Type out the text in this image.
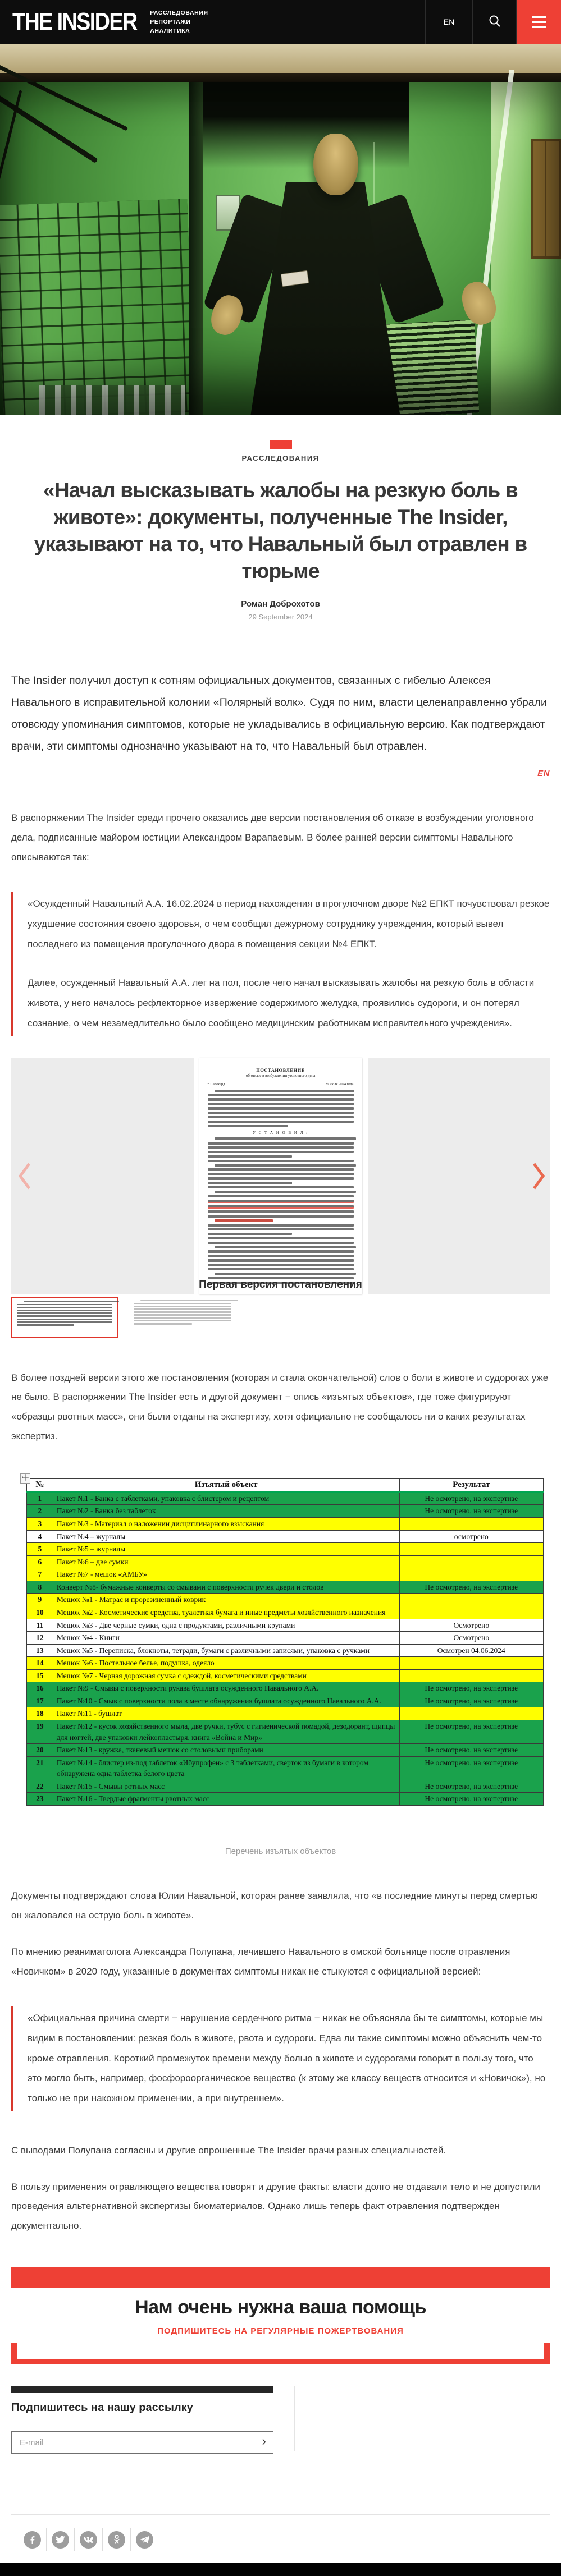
THE INSIDER РАССЛЕДОВАНИЯ
РЕПОРТАЖИ
АНАЛИТИКА
EN
РАССЛЕДОВАНИЯ
«Начал высказывать жалобы на резкую боль в животе»: документы, полученные The Insider, указывают на то, что Навальный был отравлен в тюрьме
Роман Доброхотов
29 September 2024

The Insider получил доступ к сотням официальных документов, связанных с гибелью Алексея Навального в исправительной колонии «Полярный волк». Судя по ним, власти целенаправленно убрали отовсюду упоминания симптомов, которые не укладывались в официальную версию. Как подтверждают врачи, эти симптомы однозначно указывают на то, что Навальный был отравлен.

EN

В распоряжении The Insider среди прочего оказались две версии постановления об отказе в возбуждении уголовного дела, подписанные майором юстиции Александром Варапаевым. В более ранней версии симптомы Навального описываются так:

«Осужденный Навальный А.А. 16.02.2024 в период нахождения в прогулочном дворе №2 ЕПКТ почувствовал резкое ухудшение состояния своего здоровья, о чем сообщил дежурному сотруднику учреждения, который вывел последнего из помещения прогулочного двора в помещения секции №4 ЕПКТ.

Далее, осужденный Навальный А.А. лег на пол, после чего начал высказывать жалобы на резкую боль в области живота, у него началось рефлекторное извержение содержимого желудка, проявились судороги, и он потерял сознание, о чем незамедлительно было сообщено медицинским работникам исправительного учреждения».

ПОСТАНОВЛЕНИЕ
об отказе в возбуждении уголовного дела
г. Салехард	26 июля 2024 года
У С Т А Н О В И Л :
Первая версия постановления

В более поздней версии этого же постановления (которая и стала окончательной) слов о боли в животе и судорогах уже не было. В распоряжении The Insider есть и другой документ − опись «изъятых объектов», где тоже фигурируют «образцы рвотных масс», они были отданы на экспертизу, хотя официально не сообщалось ни о каких результатах экспертиз.

№	Изъятый объект	Результат
1	Пакет №1 - Банка с таблетками, упаковка с блистером и рецептом	Не осмотрено, на экспертизе
2	Пакет №2 - Банка без таблеток	Не осмотрено, на экспертизе
3	Пакет №3 - Материал о наложении дисциплинарного взыскания	
4	Пакет №4 – журналы	осмотрено
5	Пакет №5 – журналы	
6	Пакет №6 – две сумки	
7	Пакет №7 - мешок «АМБУ»	
8	Конверт №8- бумажные конверты со смывами с поверхности ручек двери и столов	Не осмотрено, на экспертизе
9	Мешок №1 - Матрас и прорезиненный коврик	
10	Мешок №2 - Косметические средства, туалетная бумага и иные предметы хозяйственного назначения	
11	Мешок №3 - Две черные сумки, одна с продуктами, различными крупами	Осмотрено
12	Мешок №4 - Книги	Осмотрено
13	Мешок №5 - Переписка, блокноты, тетради, бумаги с различными записями, упаковка с ручками	Осмотрен 04.06.2024
14	Мешок №6 - Постельное белье, подушка, одеяло	
15	Мешок №7 - Черная дорожная сумка с одеждой, косметическими средствами	
16	Пакет №9 - Смывы с поверхности рукава бушлата осужденного Навального А.А.	Не осмотрено, на экспертизе
17	Пакет №10 - Смыв с поверхности пола в месте обнаружения бушлата осужденного Навального А.А.	Не осмотрено, на экспертизе
18	Пакет №11 - бушлат	
19	Пакет №12 - кусок хозяйственного мыла, две ручки, тубус с гигиенической помадой, дезодорант, щипцы для ногтей, две упаковки лейкопластыря, книга «Война и Мир»	Не осмотрено, на экспертизе
20	Пакет №13 - кружка, тканевый мешок со столовыми приборами	Не осмотрено, на экспертизе
21	Пакет №14 - блистер из-под таблеток «Ибупрофен» с 3 таблетками, сверток из бумаги в котором обнаружена одна таблетка белого цвета	Не осмотрено, на экспертизе
22	Пакет №15 - Смывы ротных масс	Не осмотрено, на экспертизе
23	Пакет №16 - Твердые фрагменты рвотных масс	Не осмотрено, на экспертизе
Перечень изъятых объектов

Документы подтверждают слова Юлии Навальной, которая ранее заявляла, что «в последние минуты перед смертью он жаловался на острую боль в животе».

По мнению реаниматолога Александра Полупана, лечившего Навального в омской больнице после отравления «Новичком» в 2020 году, указанные в документах симптомы никак не стыкуются с официальной версией:

«Официальная причина смерти − нарушение сердечного ритма − никак не объясняла бы те симптомы, которые мы видим в постановлении: резкая боль в животе, рвота и судороги. Едва ли такие симптомы можно объяснить чем-то кроме отравления. Короткий промежуток времени между болью в животе и судорогами говорит в пользу того, что это могло быть, например, фосфороорганическое вещество (к этому же классу веществ относится и «Новичок»), но только не при накожном применении, а при внутреннем».

С выводами Полупана согласны и другие опрошенные The Insider врачи разных специальностей.

В пользу применения отравляющего вещества говорят и другие факты: власти долго не отдавали тело и не допустили проведения альтернативной экспертизы биоматериалов. Однако лишь теперь факт отравления подтвержден документально.

Нам очень нужна ваша помощь
ПОДПИШИТЕСЬ НА РЕГУЛЯРНЫЕ ПОЖЕРТВОВАНИЯ
Подпишитесь на нашу рассылку
E-mail
›
